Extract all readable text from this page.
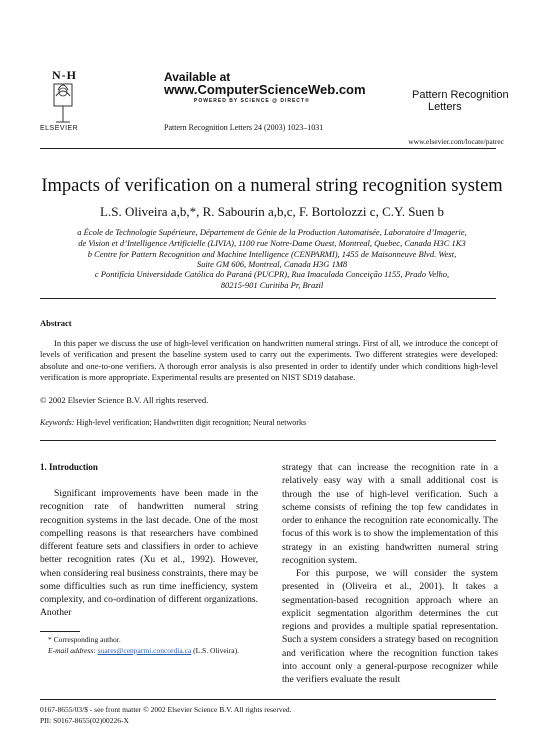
N-H
ELSEVIER
Available at
www.ComputerScienceWeb.com
POWERED BY SCIENCE @ DIRECT®
Pattern Recognition Letters 24 (2003) 1023–1031
Pattern Recognition
Letters
www.elsevier.com/locate/patrec
Impacts of verification on a numeral string recognition system
L.S. Oliveira a,b,*, R. Sabourin a,b,c, F. Bortolozzi c, C.Y. Suen b
a École de Technologie Supérieure, Département de Génie de la Production Automatisée, Laboratoire d’Imagerie,
de Vision et d’Intelligence Artificielle (LIVIA), 1100 rue Notre-Dame Ouest, Montreal, Quebec, Canada H3C 1K3
b Centre for Pattern Recognition and Machine Intelligence (CENPARMI), 1455 de Maisonneuve Blvd. West,
Suite GM 606, Montreal, Canada H3G 1M8
c Pontifícia Universidade Católica do Paraná (PUCPR), Rua Imaculada Conceição 1155, Prado Velho,
80215-901 Curitiba Pr, Brazil
Abstract
In this paper we discuss the use of high-level verification on handwritten numeral strings. First of all, we introduce the concept of levels of verification and present the baseline system used to carry out the experiments. Two different strategies were developed: absolute and one-to-one verifiers. A thorough error analysis is also presented in order to identify under which conditions high-level verification is more appropriate. Experimental results are presented on NIST SD19 database.
© 2002 Elsevier Science B.V. All rights reserved.
Keywords: High-level verification; Handwritten digit recognition; Neural networks
1. Introduction
Significant improvements have been made in the recognition rate of handwritten numeral string recognition systems in the last decade. One of the most compelling reasons is that researchers have combined different feature sets and classifiers in order to achieve better recognition rates (Xu et al., 1992). However, when considering real business constraints, there may be some difficulties such as run time inefficiency, system complexity, and co-ordination of different organizations. Another

strategy that can increase the recognition rate in a relatively easy way with a small additional cost is through the use of high-level verification. Such a scheme consists of refining the top few candidates in order to enhance the recognition rate economically. The focus of this work is to show the implementation of this strategy in an existing handwritten numeral string recognition system.

For this purpose, we will consider the system presented in (Oliveira et al., 2001). It takes a segmentation-based recognition approach where an explicit segmentation algorithm determines the cut regions and provides a multiple spatial representation. Such a system considers a strategy based on recognition and verification where the recognition function takes into account only a general-purpose recognizer while the verifiers evaluate the result

* Corresponding author.
E-mail address: soares@cenparmi.concordia.ca (L.S. Oliveira).
0167-8655/03/$ - see front matter © 2002 Elsevier Science B.V. All rights reserved.
PII: S0167-8655(02)00226-X
